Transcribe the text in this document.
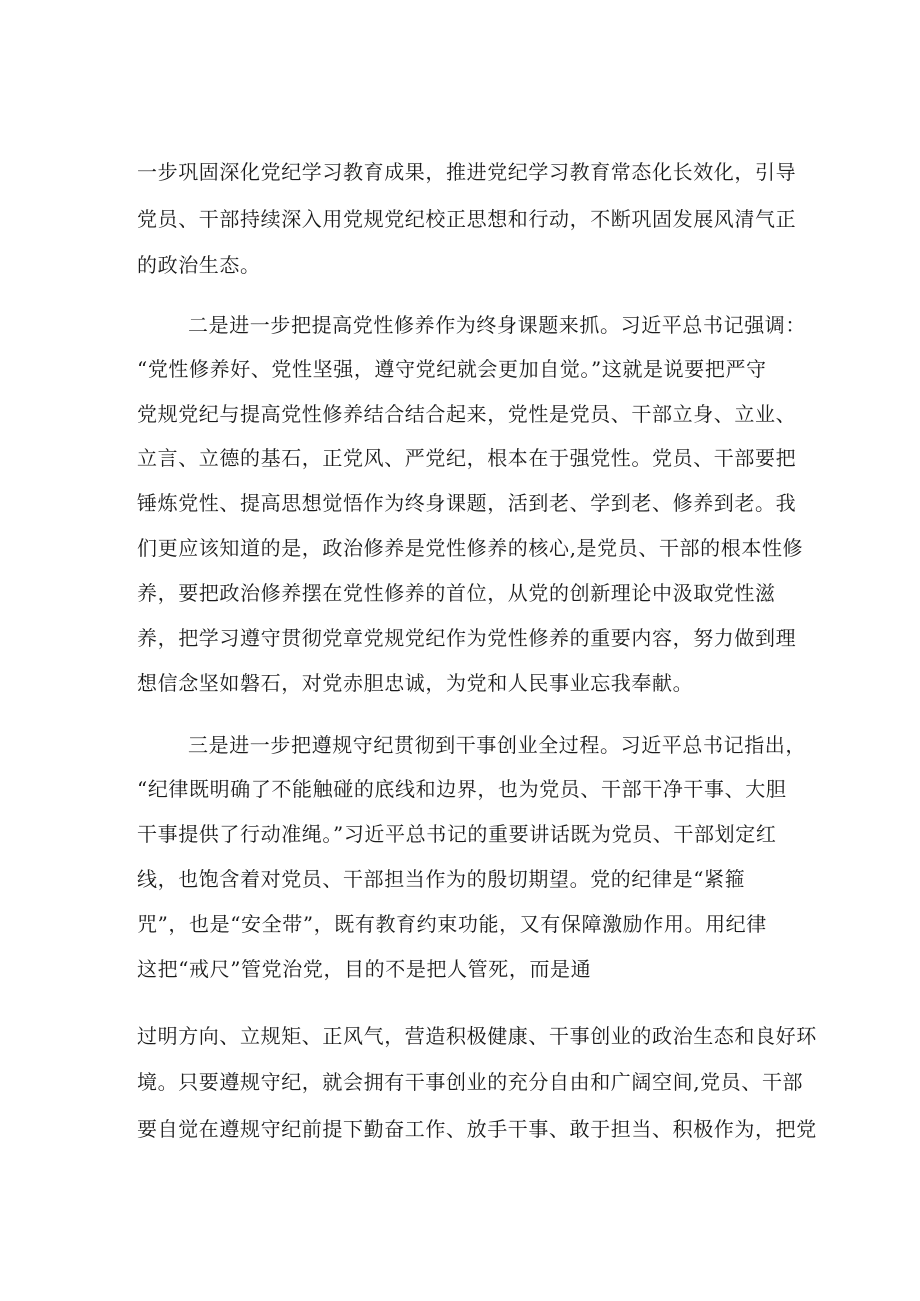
一步巩固深化党纪学习教育成果，推进党纪学习教育常态化长效化，引导
党员、干部持续深入用党规党纪校正思想和行动，不断巩固发展风清气正
的政治生态。
二是进一步把提高党性修养作为终身课题来抓。习近平总书记强调：
“党性修养好、党性坚强，遵守党纪就会更加自觉。”这就是说要把严守
党规党纪与提高党性修养结合结合起来，党性是党员、干部立身、立业、
立言、立德的基石，正党风、严党纪，根本在于强党性。党员、干部要把
锤炼党性、提高思想觉悟作为终身课题，活到老、学到老、修养到老。我
们更应该知道的是，政治修养是党性修养的核心,是党员、干部的根本性修
养，要把政治修养摆在党性修养的首位，从党的创新理论中汲取党性滋
养，把学习遵守贯彻党章党规党纪作为党性修养的重要内容，努力做到理
想信念坚如磐石，对党赤胆忠诚，为党和人民事业忘我奉献。
三是进一步把遵规守纪贯彻到干事创业全过程。习近平总书记指出，
“纪律既明确了不能触碰的底线和边界，也为党员、干部干净干事、大胆
干事提供了行动准绳。”习近平总书记的重要讲话既为党员、干部划定红
线，也饱含着对党员、干部担当作为的殷切期望。党的纪律是“紧箍
咒”，也是“安全带”，既有教育约束功能，又有保障激励作用。用纪律
这把“戒尺”管党治党，目的不是把人管死，而是通
过明方向、立规矩、正风气，营造积极健康、干事创业的政治生态和良好环
境。只要遵规守纪，就会拥有干事创业的充分自由和广阔空间,党员、干部
要自觉在遵规守纪前提下勤奋工作、放手干事、敢于担当、积极作为，把党
